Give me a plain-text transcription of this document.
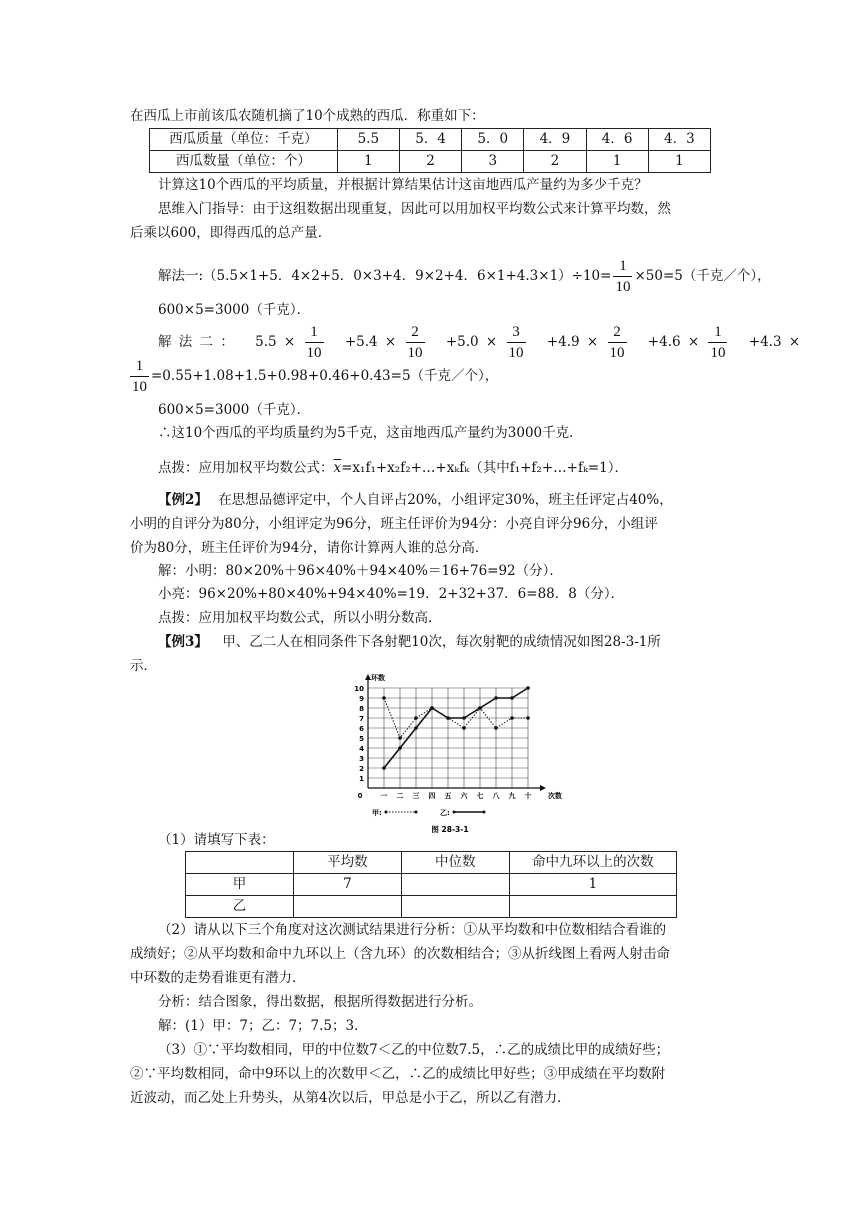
在西瓜上市前该瓜农随机摘了10个成熟的西瓜．称重如下：
西瓜质量（单位：千克）	5.5	5．4	5．0	4．9	4．6	4．3
西瓜数量（单位：个）	1	2	3	2	1	1
计算这10个西瓜的平均质量，并根据计算结果估计这亩地西瓜产量约为多少千克？
思维入门指导：由于这组数据出现重复，因此可以用加权平均数公式来计算平均数，然
后乘以600，即得西瓜的总产量．
解法一:（5.5×1+5．4×2+5．0×3+4．9×2+4．$6\times 1+4.3\times 1)\div 10= \frac{1}{10} \times 50=5$（千克／个），
600×5=3000（千克）．
解 法 二 ： $5.5 \times \frac{1}{10} +5.4 \times \frac{2}{10} +5.0 \times \frac{3}{10} +4.9 \times \frac{2}{10} +4.6 \times \frac{1}{10} +4.3$ ×
$\frac{1}{10} =0.55+1.08+1.5+0.98+0.46+0.43=5$（千克／个），
600×5=3000（千克）．
∴这10个西瓜的平均质量约为5千克，这亩地西瓜产量约为3000千克．
点拨：应用加权平均数公式：$\overline{x}=x_1f_1+x_2f_2+\dots+x_kf_k$（其中f₁+f₂+…+fₖ=1）．
【例2】 在思想品德评定中，个人自评占20%，小组评定30%，班主任评定占40%，
小明的自评分为80分，小组评定为96分，班主任评价为94分：小亮自评分96分，小组评
价为80分，班主任评价为94分，请你计算两人谁的总分高．
解：小明：80×20%＋96×40%＋94×40%＝16+76=92（分）．
小亮：96×20%+80×40%+94×40%=19．2+32+37．6=88．8（分）．
点拨：应用加权平均数公式，所以小明分数高．
【例3】 甲、乙二人在相同条件下各射靶10次，每次射靶的成绩情况如图28-3-1所
示．
1
2
3
4
5
6
7
8
9
10
一 二 三 四 五 六 七 八 九 十
0
环数
次数
甲:	乙:
图 28-3-1
（1）请填写下表：
	平均数	中位数	命中九环以上的次数
甲	7		1
乙			
（2）请从以下三个角度对这次测试结果进行分析：①从平均数和中位数相结合看谁的
成绩好；②从平均数和命中九环以上（含九环）的次数相结合；③从折线图上看两人射击命
中环数的走势看谁更有潜力．
分析：结合图象，得出数据，根据所得数据进行分析。
解：(1）甲：7；乙：7；7.5；3．
（3）①∵平均数相同，甲的中位数7＜乙的中位数7.5，∴乙的成绩比甲的成绩好些；
②∵平均数相同，命中9环以上的次数甲＜乙，∴乙的成绩比甲好些；③甲成绩在平均数附
近波动，而乙处上升势头，从第4次以后，甲总是小于乙，所以乙有潜力．
